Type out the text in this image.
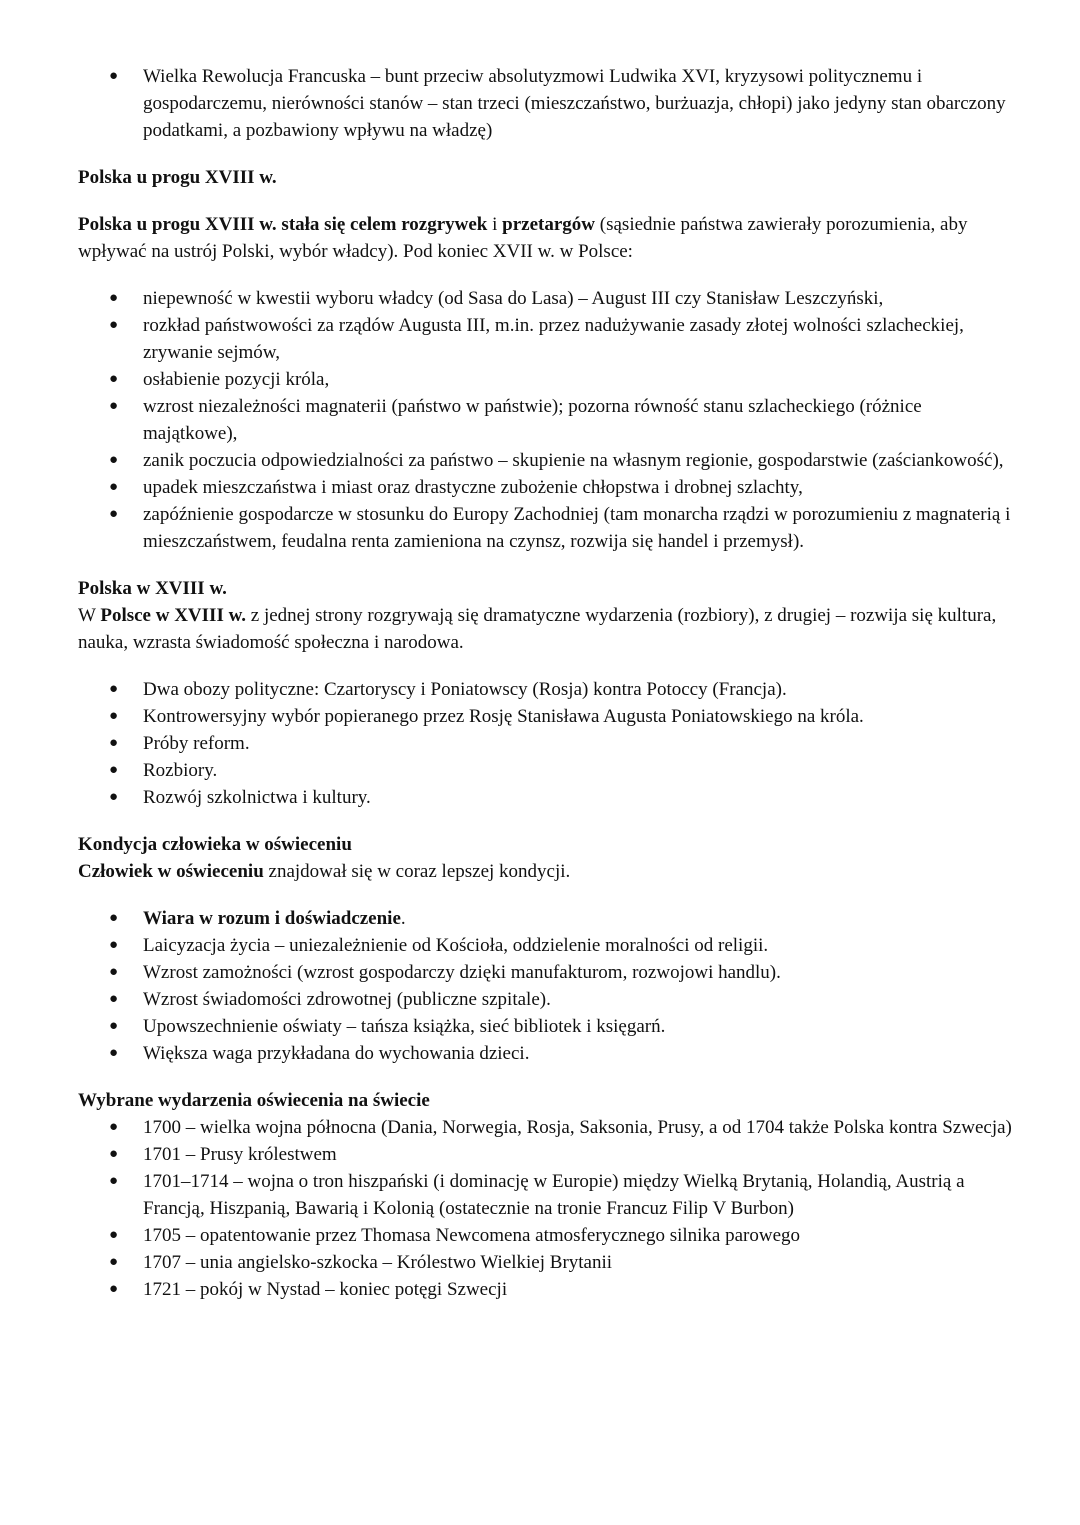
● Wielka Rewolucja Francuska – bunt przeciw absolutyzmowi Ludwika XVI, kryzysowi politycznemu i gospodarczemu, nierówności stanów – stan trzeci (mieszczaństwo, burżuazja, chłopi) jako jedyny stan obarczony podatkami, a pozbawiony wpływu na władzę)

Polska u progu XVIII w.

Polska u progu XVIII w. stała się celem rozgrywek i przetargów (sąsiednie państwa zawierały porozumienia, aby wpływać na ustrój Polski, wybór władcy). Pod koniec XVII w. w Polsce:

● niepewność w kwestii wyboru władcy (od Sasa do Lasa) – August III czy Stanisław Leszczyński,
● rozkład państwowości za rządów Augusta III, m.in. przez nadużywanie zasady złotej wolności szlacheckiej, zrywanie sejmów,
● osłabienie pozycji króla,
● wzrost niezależności magnaterii (państwo w państwie); pozorna równość stanu szlacheckiego (różnice majątkowe),
● zanik poczucia odpowiedzialności za państwo – skupienie na własnym regionie, gospodarstwie (zaściankowość),
● upadek mieszczaństwa i miast oraz drastyczne zubożenie chłopstwa i drobnej szlachty,
● zapóźnienie gospodarcze w stosunku do Europy Zachodniej (tam monarcha rządzi w porozumieniu z magnaterią i mieszczaństwem, feudalna renta zamieniona na czynsz, rozwija się handel i przemysł).

Polska w XVIII w.

W Polsce w XVIII w. z jednej strony rozgrywają się dramatyczne wydarzenia (rozbiory), z drugiej – rozwija się kultura, nauka, wzrasta świadomość społeczna i narodowa.

● Dwa obozy polityczne: Czartoryscy i Poniatowscy (Rosja) kontra Potoccy (Francja).
● Kontrowersyjny wybór popieranego przez Rosję Stanisława Augusta Poniatowskiego na króla.
● Próby reform.
● Rozbiory.
● Rozwój szkolnictwa i kultury.

Kondycja człowieka w oświeceniu

Człowiek w oświeceniu znajdował się w coraz lepszej kondycji.

● Wiara w rozum i doświadczenie.
● Laicyzacja życia – uniezależnienie od Kościoła, oddzielenie moralności od religii.
● Wzrost zamożności (wzrost gospodarczy dzięki manufakturom, rozwojowi handlu).
● Wzrost świadomości zdrowotnej (publiczne szpitale).
● Upowszechnienie oświaty – tańsza książka, sieć bibliotek i księgarń.
● Większa waga przykładana do wychowania dzieci.

Wybrane wydarzenia oświecenia na świecie

● 1700 – wielka wojna północna (Dania, Norwegia, Rosja, Saksonia, Prusy, a od 1704 także Polska kontra Szwecja)
● 1701 – Prusy królestwem
● 1701–1714 – wojna o tron hiszpański (i dominację w Europie) między Wielką Brytanią, Holandią, Austrią a Francją, Hiszpanią, Bawarią i Kolonią (ostatecznie na tronie Francuz Filip V Burbon)
● 1705 – opatentowanie przez Thomasa Newcomena atmosferycznego silnika parowego
● 1707 – unia angielsko-szkocka – Królestwo Wielkiej Brytanii
● 1721 – pokój w Nystad – koniec potęgi Szwecji
